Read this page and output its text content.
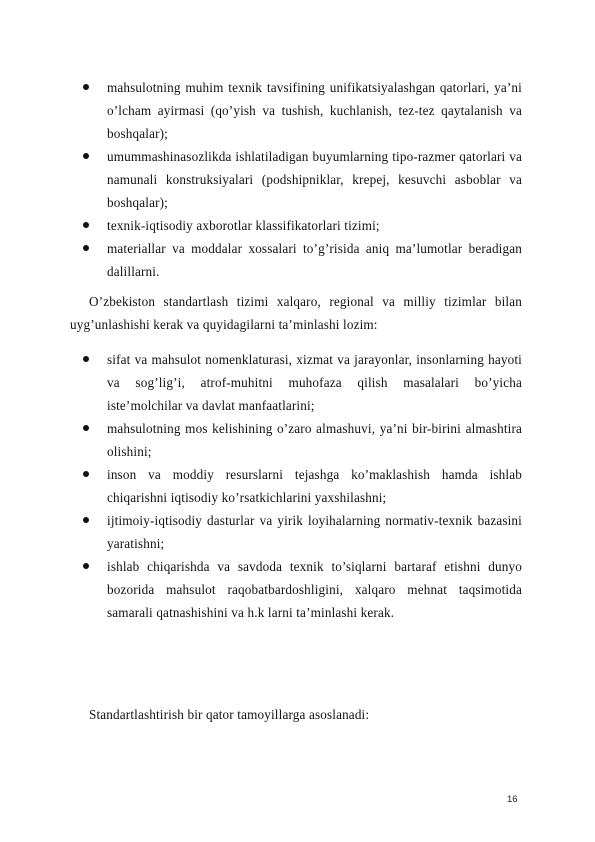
mahsulotning muhim texnik tavsifining unifikatsiyalashgan qatorlari, ya’ni o’lcham ayirmasi (qo’yish va tushish, kuchlanish, tez-tez qaytalanish va boshqalar);

umummashinasozlikda ishlatiladigan buyumlarning tipo-razmer qatorlari va namunali konstruksiyalari (podshipniklar, krepej, kesuvchi asboblar va boshqalar);

texnik-iqtisodiy axborotlar klassifikatorlari tizimi;

materiallar va moddalar xossalari to’g’risida aniq ma’lumotlar beradigan dalillarni.

O’zbekiston standartlash tizimi xalqaro, regional va milliy tizimlar bilan uyg’unlashishi kerak va quyidagilarni ta’minlashi lozim:

sifat va mahsulot nomenklaturasi, xizmat va jarayonlar, insonlarning hayoti va sog’lig’i, atrof-muhitni muhofaza qilish masalalari bo’yicha iste’molchilar va davlat manfaatlarini;

mahsulotning mos kelishining o’zaro almashuvi, ya’ni bir-birini almashtira olishini;

inson va moddiy resurslarni tejashga ko’maklashish hamda ishlab chiqarishni iqtisodiy ko’rsatkichlarini yaxshilashni;

ijtimoiy-iqtisodiy dasturlar va yirik loyihalarning normativ-texnik bazasini yaratishni;

ishlab chiqarishda va savdoda texnik to’siqlarni bartaraf etishni dunyo bozorida mahsulot raqobatbardoshligini, xalqaro mehnat taqsimotida samarali qatnashishini va h.k larni ta’minlashi kerak.

Standartlashtirish bir qator tamoyillarga asoslanadi:

16
